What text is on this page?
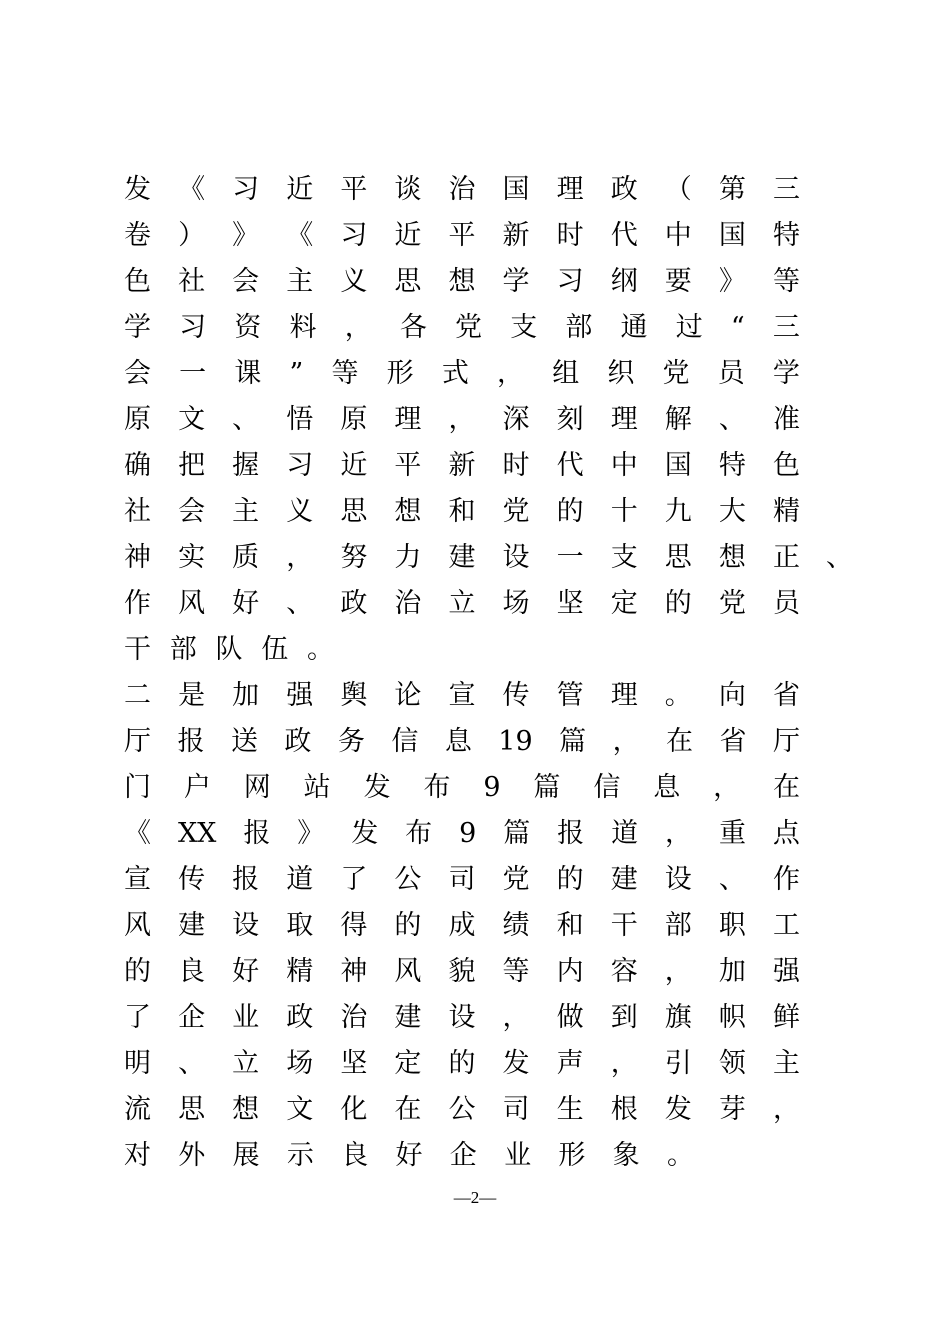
发 《 习 近 平 谈 治 国 理 政 （ 第 三
卷 ） 》 《 习 近 平 新 时 代 中 国 特
色 社 会 主 义 思 想 学 习 纲 要 》 等
学 习 资 料 ， 各 党 支 部 通 过 “ 三
会 一 课 ” 等 形 式 ， 组 织 党 员 学
原 文 、 悟 原 理 ， 深 刻 理 解 、 准
确 把 握 习 近 平 新 时 代 中 国 特 色
社 会 主 义 思 想 和 党 的 十 九 大 精
神 实 质 ， 努 力 建 设 一 支 思 想 正 、
作 风 好 、 政 治 立 场 坚 定 的 党 员
干 部 队 伍 。
二 是 加 强 舆 论 宣 传 管 理 。 向 省
厅 报 送 政 务 信 息 19 篇 ， 在 省 厅
门 户 网 站 发 布 9 篇 信 息 ， 在
《 XX 报 》 发 布 9 篇 报 道 ， 重 点
宣 传 报 道 了 公 司 党 的 建 设 、 作
风 建 设 取 得 的 成 绩 和 干 部 职 工
的 良 好 精 神 风 貌 等 内 容 ， 加 强
了 企 业 政 治 建 设 ， 做 到 旗 帜 鲜
明 、 立 场 坚 定 的 发 声 ， 引 领 主
流 思 想 文 化 在 公 司 生 根 发 芽 ，
对 外 展 示 良 好 企 业 形 象 。
—2—
